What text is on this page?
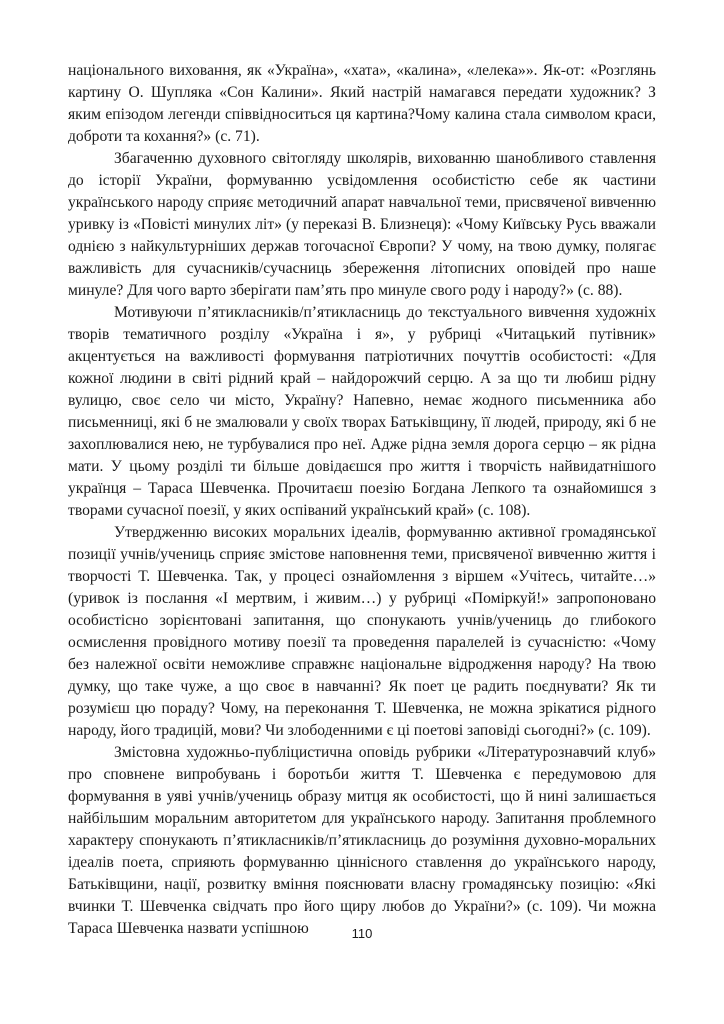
національного виховання, як «Україна», «хата», «калина», «лелека»». Як-от: «Розглянь картину О. Шупляка «Сон Калини». Який настрій намагався передати художник? З яким епізодом легенди співвідноситься ця картина?Чому калина стала символом краси, доброти та кохання?» (с. 71).

Збагаченню духовного світогляду школярів, вихованню шанобливого ставлення до історії України, формуванню усвідомлення особистістю себе як частини українського народу сприяє методичний апарат навчальної теми, присвяченої вивченню уривку із «Повісті минулих літ» (у переказі В. Близнеця): «Чому Київську Русь вважали однією з найкультурніших держав тогочасної Європи? У чому, на твою думку, полягає важливість для сучасників/сучасниць збереження літописних оповідей про наше минуле? Для чого варто зберігати пам’ять про минуле свого роду і народу?» (с. 88).

Мотивуючи п’ятикласників/п’ятикласниць до текстуального вивчення художніх творів тематичного розділу «Україна і я», у рубриці «Читацький путівник» акцентується на важливості формування патріотичних почуттів особистості: «Для кожної людини в світі рідний край – найдорожчий серцю. А за що ти любиш рідну вулицю, своє село чи місто, Україну? Напевно, немає жодного письменника або письменниці, які б не змалювали у своїх творах Батьківщину, її людей, природу, які б не захоплювалися нею, не турбувалися про неї. Адже рідна земля дорога серцю – як рідна мати. У цьому розділі ти більше довідаєшся про життя і творчість найвидатнішого українця – Тараса Шевченка. Прочитаєш поезію Богдана Лепкого та ознайомишся з творами сучасної поезії, у яких оспіваний український край» (с. 108).

Утвердженню високих моральних ідеалів, формуванню активної громадянської позиції учнів/учениць сприяє змістове наповнення теми, присвяченої вивченню життя і творчості Т. Шевченка. Так, у процесі ознайомлення з віршем «Учітесь, читайте…» (уривок із послання «І мертвим, і живим…) у рубриці «Поміркуй!» запропоновано особистісно зорієнтовані запитання, що спонукають учнів/учениць до глибокого осмислення провідного мотиву поезії та проведення паралелей із сучасністю: «Чому без належної освіти неможливе справжнє національне відродження народу? На твою думку, що таке чуже, а що своє в навчанні? Як поет це радить поєднувати? Як ти розумієш цю пораду? Чому, на переконання Т. Шевченка, не можна зрікатися рідного народу, його традицій, мови? Чи злободенними є ці поетові заповіді сьогодні?» (с. 109).

Змістовна художньо-публіцистична оповідь рубрики «Літературознавчий клуб» про сповнене випробувань і боротьби життя Т. Шевченка є передумовою для формування в уяві учнів/учениць образу митця як особистості, що й нині залишається найбільшим моральним авторитетом для українського народу. Запитання проблемного характеру спонукають п’ятикласників/п’ятикласниць до розуміння духовно-моральних ідеалів поета, сприяють формуванню ціннісного ставлення до українського народу, Батьківщини, нації, розвитку вміння пояснювати власну громадянську позицію: «Які вчинки Т. Шевченка свідчать про його щиру любов до України?» (с. 109). Чи можна Тараса Шевченка назвати успішною	110
